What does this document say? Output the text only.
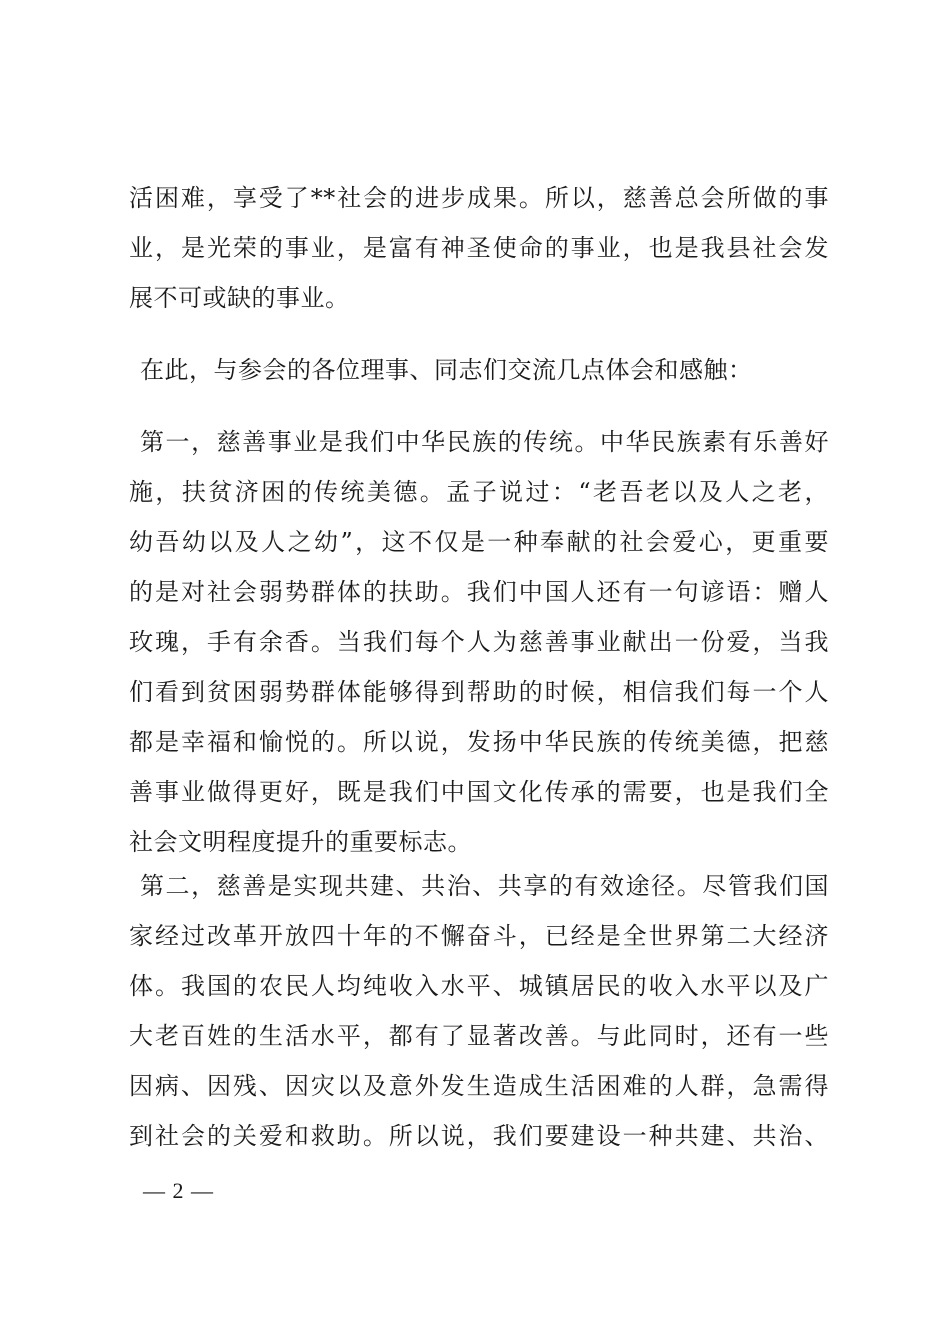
活困难，享受了**社会的进步成果。所以，慈善总会所做的事
业，是光荣的事业，是富有神圣使命的事业，也是我县社会发
展不可或缺的事业。
在此，与参会的各位理事、同志们交流几点体会和感触：
第一，慈善事业是我们中华民族的传统。中华民族素有乐善好
施，扶贫济困的传统美德。孟子说过：“老吾老以及人之老，
幼吾幼以及人之幼”，这不仅是一种奉献的社会爱心，更重要
的是对社会弱势群体的扶助。我们中国人还有一句谚语：赠人
玫瑰，手有余香。当我们每个人为慈善事业献出一份爱，当我
们看到贫困弱势群体能够得到帮助的时候，相信我们每一个人
都是幸福和愉悦的。所以说，发扬中华民族的传统美德，把慈
善事业做得更好，既是我们中国文化传承的需要，也是我们全
社会文明程度提升的重要标志。
第二，慈善是实现共建、共治、共享的有效途径。尽管我们国
家经过改革开放四十年的不懈奋斗，已经是全世界第二大经济
体。我国的农民人均纯收入水平、城镇居民的收入水平以及广
大老百姓的生活水平，都有了显著改善。与此同时，还有一些
因病、因残、因灾以及意外发生造成生活困难的人群，急需得
到社会的关爱和救助。所以说，我们要建设一种共建、共治、
— 2 —
